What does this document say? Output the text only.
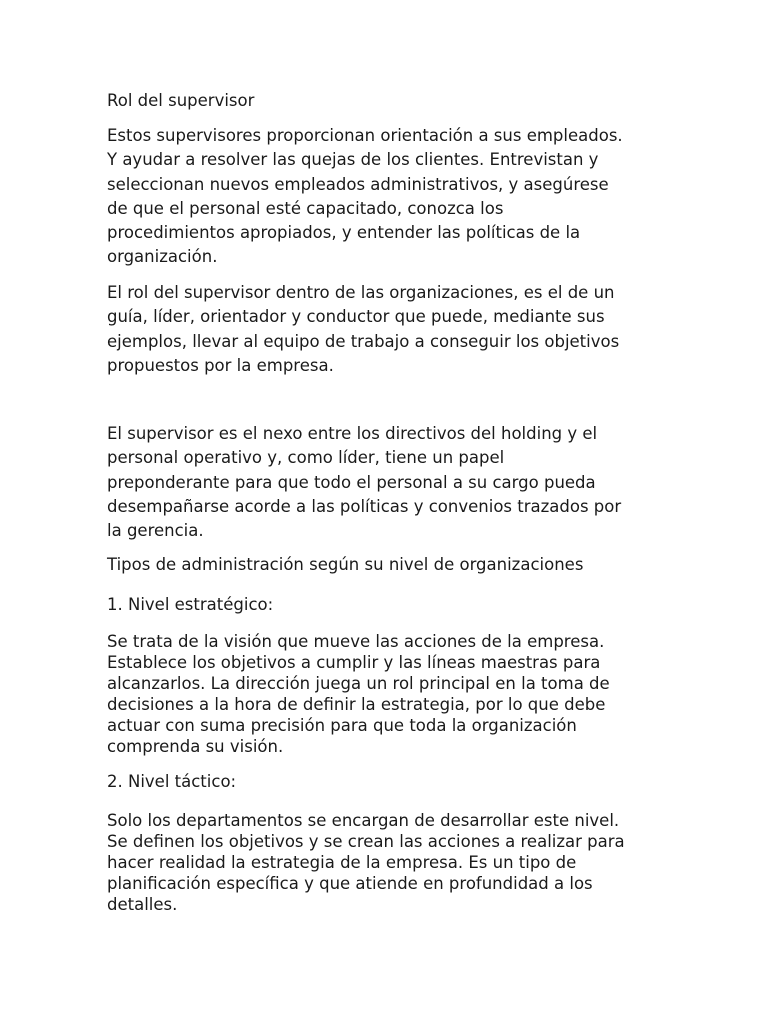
Rol del supervisor

Estos supervisores proporcionan orientación a sus empleados.
Y ayudar a resolver las quejas de los clientes. Entrevistan y
seleccionan nuevos empleados administrativos, y asegúrese
de que el personal esté capacitado, conozca los
procedimientos apropiados, y entender las políticas de la
organización.

El rol del supervisor dentro de las organizaciones, es el de un
guía, líder, orientador y conductor que puede, mediante sus
ejemplos, llevar al equipo de trabajo a conseguir los objetivos
propuestos por la empresa.

El supervisor es el nexo entre los directivos del holding y el
personal operativo y, como líder, tiene un papel
preponderante para que todo el personal a su cargo pueda
desempañarse acorde a las políticas y convenios trazados por
la gerencia.

Tipos de administración según su nivel de organizaciones

1. Nivel estratégico:

Se trata de la visión que mueve las acciones de la empresa.
Establece los objetivos a cumplir y las líneas maestras para
alcanzarlos. La dirección juega un rol principal en la toma de
decisiones a la hora de definir la estrategia, por lo que debe
actuar con suma precisión para que toda la organización
comprenda su visión.

2. Nivel táctico:

Solo los departamentos se encargan de desarrollar este nivel.
Se definen los objetivos y se crean las acciones a realizar para
hacer realidad la estrategia de la empresa. Es un tipo de
planificación específica y que atiende en profundidad a los
detalles.
